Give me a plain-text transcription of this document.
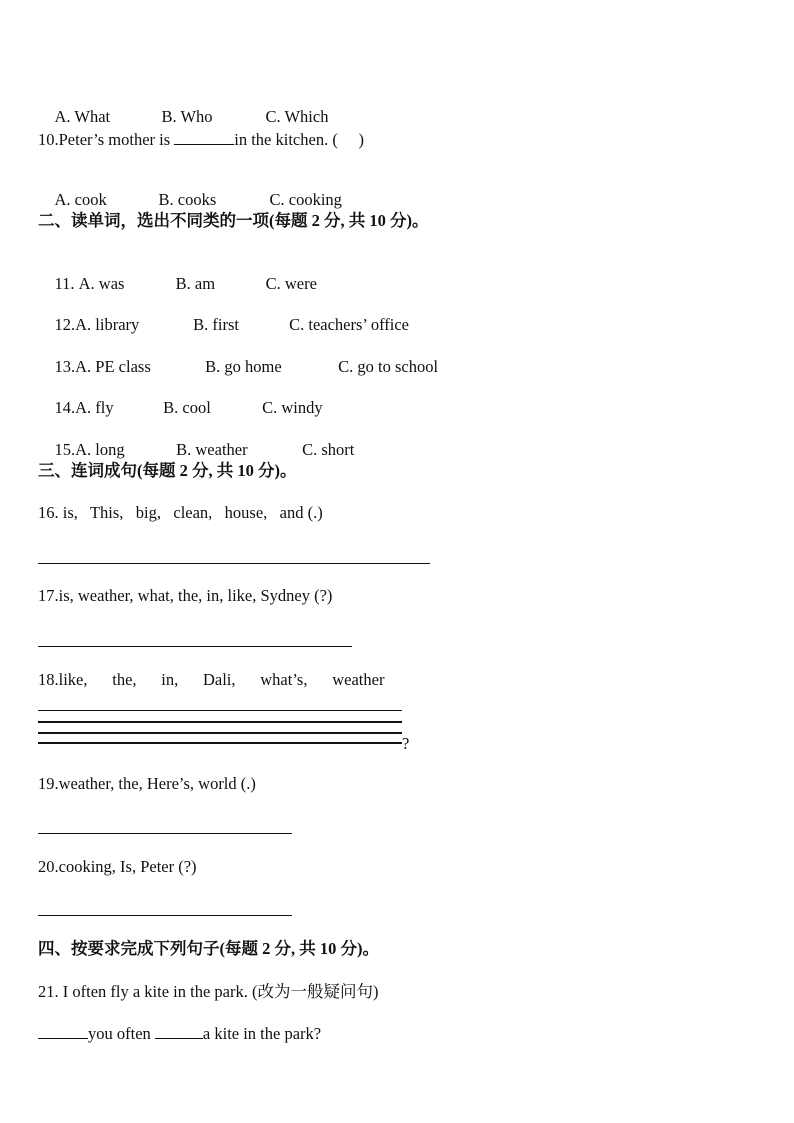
A. What	B. Who	C. Which

10.Peter’s mother is	in the kitchen. (     )

A. cook	B. cooks	C. cooking

二、读单词，选出不同类的一项(每题 2 分, 共 10 分)。

11. A. was	B. am	C. were

12.A. library	B. first	C. teachers’ office

13.A. PE class	B. go home	C. go to school

14.A. fly	B. cool	C. windy

15.A. long	B. weather	C. short

三、连词成句(每题 2 分, 共 10 分)。
16. is,   This,   big,   clean,   house,   and (.)
17.is, weather, what, the, in, like, Sydney (?)
18.like,      the,      in,      Dali,      what’s,      weather
?
19.weather, the, Here’s, world (.)
20.cooking, Is, Peter (?)
四、按要求完成下列句子(每题 2 分, 共 10 分)。
21. I often fly a kite in the park. (改为一般疑问句)
you often	a kite in the park?
